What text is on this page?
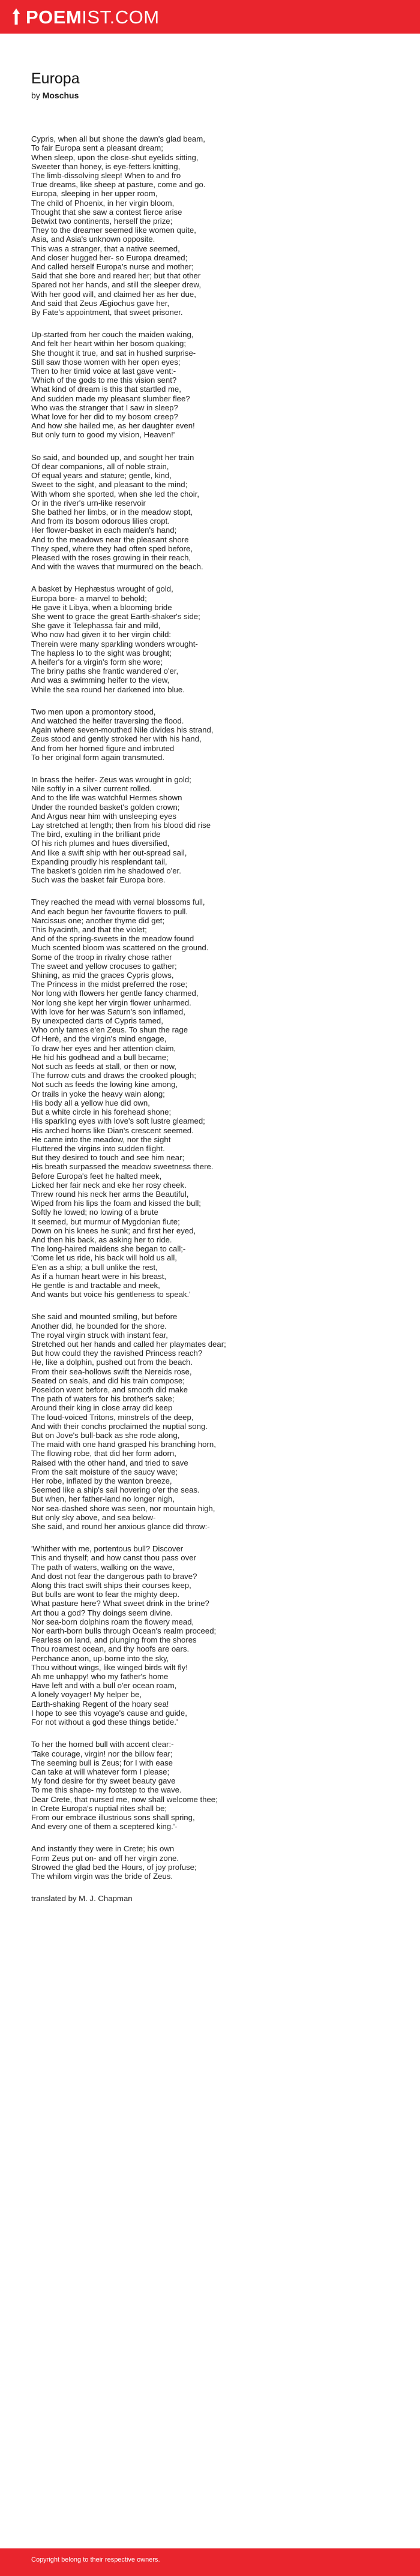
POEMIST.COM
Europa
by Moschus
Cypris, when all but shone the dawn's glad beam,
To fair Europa sent a pleasant dream;
When sleep, upon the close-shut eyelids sitting,
Sweeter than honey, is eye-fetters knitting,
The limb-dissolving sleep! When to and fro
True dreams, like sheep at pasture, come and go.
Europa, sleeping in her upper room,
The child of Phoenix, in her virgin bloom,
Thought that she saw a contest fierce arise
Betwixt two continents, herself the prize;
They to the dreamer seemed like women quite,
Asia, and Asia's unknown opposite.
This was a stranger, that a native seemed,
And closer hugged her- so Europa dreamed;
And called herself Europa's nurse and mother;
Said that she bore and reared her; but that other
Spared not her hands, and still the sleeper drew,
With her good will, and claimed her as her due,
And said that Zeus Ægiochus gave her,
By Fate's appointment, that sweet prisoner.
Up-started from her couch the maiden waking,
And felt her heart within her bosom quaking;
She thought it true, and sat in hushed surprise-
Still saw those women with her open eyes;
Then to her timid voice at last gave vent:-
'Which of the gods to me this vision sent?
What kind of dream is this that startled me,
And sudden made my pleasant slumber flee?
Who was the stranger that I saw in sleep?
What love for her did to my bosom creep?
And how she hailed me, as her daughter even!
But only turn to good my vision, Heaven!'
So said, and bounded up, and sought her train
Of dear companions, all of noble strain,
Of equal years and stature; gentle, kind,
Sweet to the sight, and pleasant to the mind;
With whom she sported, when she led the choir,
Or in the river's urn-like reservoir
She bathed her limbs, or in the meadow stopt,
And from its bosom odorous lilies cropt.
Her flower-basket in each maiden's hand;
And to the meadows near the pleasant shore
They sped, where they had often sped before,
Pleased with the roses growing in their reach,
And with the waves that murmured on the beach.
A basket by Hephæstus wrought of gold,
Europa bore- a marvel to behold;
He gave it Libya, when a blooming bride
She went to grace the great Earth-shaker's side;
She gave it Telephassa fair and mild,
Who now had given it to her virgin child:
Therein were many sparkling wonders wrought-
The hapless Io to the sight was brought;
A heifer's for a virgin's form she wore;
The briny paths she frantic wandered o'er,
And was a swimming heifer to the view,
While the sea round her darkened into blue.
Two men upon a promontory stood,
And watched the heifer traversing the flood.
Again where seven-mouthed Nile divides his strand,
Zeus stood and gently stroked her with his hand,
And from her horned figure and imbruted
To her original form again transmuted.
In brass the heifer- Zeus was wrought in gold;
Nile softly in a silver current rolled.
And to the life was watchful Hermes shown
Under the rounded basket's golden crown;
And Argus near him with unsleeping eyes
Lay stretched at length; then from his blood did rise
The bird, exulting in the brilliant pride
Of his rich plumes and hues diversified,
And like a swift ship with her out-spread sail,
Expanding proudly his resplendant tail,
The basket's golden rim he shadowed o'er.
Such was the basket fair Europa bore.
They reached the mead with vernal blossoms full,
And each begun her favourite flowers to pull.
Narcissus one; another thyme did get;
This hyacinth, and that the violet;
And of the spring-sweets in the meadow found
Much scented bloom was scattered on the ground.
Some of the troop in rivalry chose rather
The sweet and yellow crocuses to gather;
Shining, as mid the graces Cypris glows,
The Princess in the midst preferred the rose;
Nor long with flowers her gentle fancy charmed,
Nor long she kept her virgin flower unharmed.
With love for her was Saturn's son inflamed,
By unexpected darts of Cypris tamed,
Who only tames e'en Zeus. To shun the rage
Of Herè, and the virgin's mind engage,
To draw her eyes and her attention claim,
He hid his godhead and a bull became;
Not such as feeds at stall, or then or now,
The furrow cuts and draws the crooked plough;
Not such as feeds the lowing kine among,
Or trails in yoke the heavy wain along;
His body all a yellow hue did own,
But a white circle in his forehead shone;
His sparkling eyes with love's soft lustre gleamed;
His arched horns like Dian's crescent seemed.
He came into the meadow, nor the sight
Fluttered the virgins into sudden flight.
But they desired to touch and see him near;
His breath surpassed the meadow sweetness there.
Before Europa's feet he halted meek,
Licked her fair neck and eke her rosy cheek.
Threw round his neck her arms the Beautiful,
Wiped from his lips the foam and kissed the bull;
Softly he lowed; no lowing of a brute
It seemed, but murmur of Mygdonian flute;
Down on his knees he sunk; and first her eyed,
And then his back, as asking her to ride.
The long-haired maidens she began to call;-
'Come let us ride, his back will hold us all,
E'en as a ship; a bull unlike the rest,
As if a human heart were in his breast,
He gentle is and tractable and meek,
And wants but voice his gentleness to speak.'
She said and mounted smiling, but before
Another did, he bounded for the shore.
The royal virgin struck with instant fear,
Stretched out her hands and called her playmates dear;
But how could they the ravished Princess reach?
He, like a dolphin, pushed out from the beach.
From their sea-hollows swift the Nereids rose,
Seated on seals, and did his train compose;
Poseidon went before, and smooth did make
The path of waters for his brother's sake;
Around their king in close array did keep
The loud-voiced Tritons, minstrels of the deep,
And with their conchs proclaimed the nuptial song.
But on Jove's bull-back as she rode along,
The maid with one hand grasped his branching horn,
The flowing robe, that did her form adorn,
Raised with the other hand, and tried to save
From the salt moisture of the saucy wave;
Her robe, inflated by the wanton breeze,
Seemed like a ship's sail hovering o'er the seas.
But when, her father-land no longer nigh,
Nor sea-dashed shore was seen, nor mountain high,
But only sky above, and sea below-
She said, and round her anxious glance did throw:-
'Whither with me, portentous bull? Discover
This and thyself; and how canst thou pass over
The path of waters, walking on the wave,
And dost not fear the dangerous path to brave?
Along this tract swift ships their courses keep,
But bulls are wont to fear the mighty deep.
What pasture here? What sweet drink in the brine?
Art thou a god? Thy doings seem divine.
Nor sea-born dolphins roam the flowery mead,
Nor earth-born bulls through Ocean's realm proceed;
Fearless on land, and plunging from the shores
Thou roamest ocean, and thy hoofs are oars.
Perchance anon, up-borne into the sky,
Thou without wings, like winged birds wilt fly!
Ah me unhappy! who my father's home
Have left and with a bull o'er ocean roam,
A lonely voyager! My helper be,
Earth-shaking Regent of the hoary sea!
I hope to see this voyage's cause and guide,
For not without a god these things betide.'
To her the horned bull with accent clear:-
'Take courage, virgin! nor the billow fear;
The seeming bull is Zeus; for I with ease
Can take at will whatever form I please;
My fond desire for thy sweet beauty gave
To me this shape- my footstep to the wave.
Dear Crete, that nursed me, now shall welcome thee;
In Crete Europa's nuptial rites shall be;
From our embrace illustrious sons shall spring,
And every one of them a sceptered king.'-
And instantly they were in Crete; his own
Form Zeus put on- and off her virgin zone.
Strowed the glad bed the Hours, of joy profuse;
The whilom virgin was the bride of Zeus.
translated by M. J. Chapman
Copyright belong to their respective owners.
